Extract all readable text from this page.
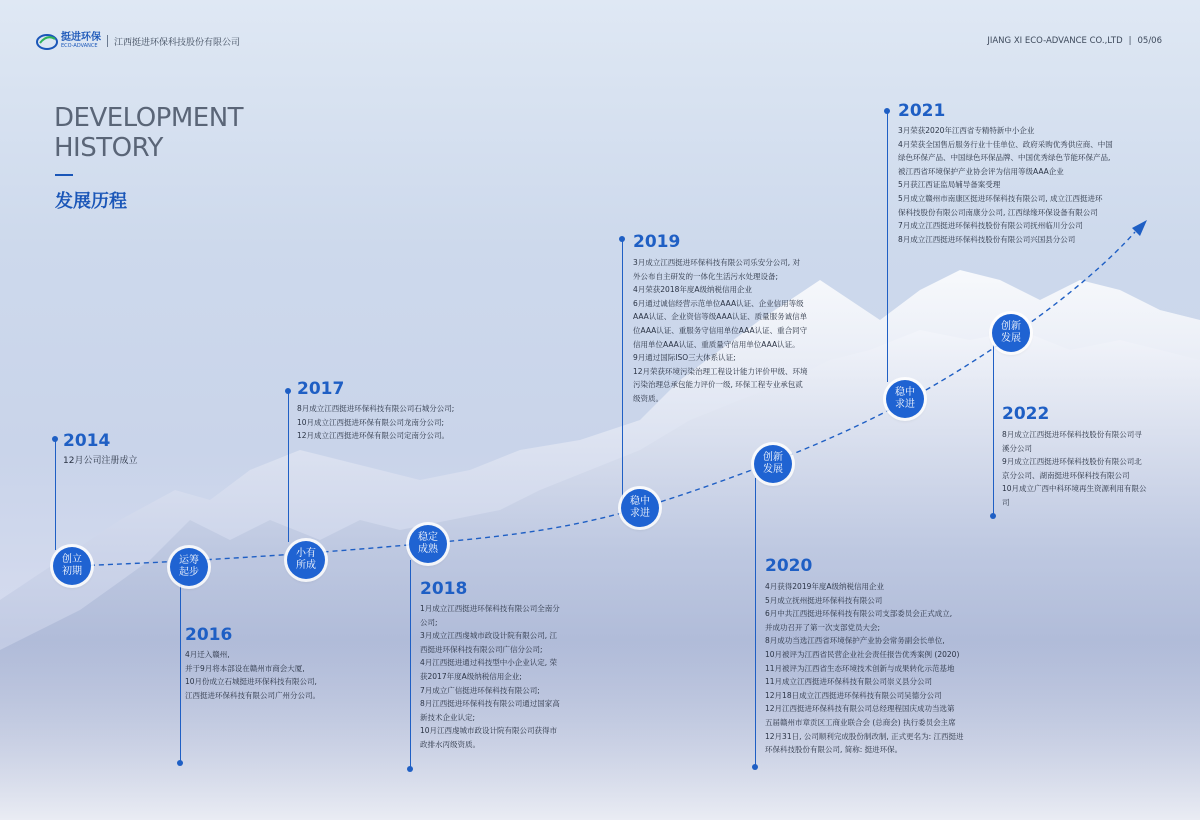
挺进环保
ECO-ADVANCE	江西挺进环保科技股份有限公司	JIANG XI ECO-ADVANCE CO.,LTD | 05/06
DEVELOPMENT
HISTORY
发展历程
创立初期
运筹起步
小有所成
稳定成熟
稳中求进
创新发展
稳中求进
创新发展
2014
12月公司注册成立
2016
4月迁入赣州,
并于9月将本部设在赣州市商会大厦,
10月份成立石城挺进环保科技有限公司,
江西挺进环保科技有限公司广州分公司。
2017
8月成立江西挺进环保科技有限公司石城分公司;
10月成立江西挺进环保有限公司龙南分公司;
12月成立江西挺进环保有限公司定南分公司。
2018
1月成立江西挺进环保科技有限公司全南分
公司;
3月成立江西虔城市政设计院有限公司, 江
西挺进环保科技有限公司广信分公司;
4月江西挺进通过科技型中小企业认定, 荣
获2017年度A级纳税信用企业;
7月成立广信挺进环保科技有限公司;
8月江西挺进环保科技有限公司通过国家高
新技术企业认定;
10月江西虔城市政设计院有限公司获得市
政排水丙级资质。
2019
3月成立江西挺进环保科技有限公司乐安分公司, 对
外公布自主研发的一体化生活污水处理设备;
4月荣获2018年度A级纳税信用企业
6月通过诚信经营示范单位AAA认证、企业信用等级
AAA认证、企业资信等级AAA认证、质量服务诚信单
位AAA认证、重服务守信用单位AAA认证、重合同守
信用单位AAA认证、重质量守信用单位AAA认证。
9月通过国际ISO三大体系认证;
12月荣获环境污染治理工程设计能力评价甲级、环境
污染治理总承包能力评价一级, 环保工程专业承包贰
级资质。
2020
4月获得2019年度A级纳税信用企业
5月成立抚州挺进环保科技有限公司
6月中共江西挺进环保科技有限公司支部委员会正式成立,
并成功召开了第一次支部党员大会;
8月成功当选江西省环境保护产业协会常务副会长单位,
10月被评为江西省民营企业社会责任报告优秀案例 (2020)
11月被评为江西省生态环境技术创新与成果转化示范基地
11月成立江西挺进环保科技有限公司崇义县分公司
12月18日成立江西挺进环保科技有限公司吴德分公司
12月江西挺进环保科技有限公司总经理程国庆成功当选第
五届赣州市章贡区工商业联合会 (总商会) 执行委员会主席
12月31日, 公司顺利完成股份制改制, 正式更名为: 江西挺进
环保科技股份有限公司, 简称: 挺进环保。
2021
3月荣获2020年江西省专精特新中小企业
4月荣获全国售后服务行业十佳单位、政府采购优秀供应商、中国
绿色环保产品、中国绿色环保品牌、中国优秀绿色节能环保产品,
被江西省环境保护产业协会评为信用等级AAA企业
5月获江西证监局辅导备案受理
5月成立赣州市南康区挺进环保科技有限公司, 成立江西挺进环
保科技股份有限公司南康分公司, 江西绿缘环保设备有限公司
7月成立江西挺进环保科技股份有限公司抚州临川分公司
8月成立江西挺进环保科技股份有限公司兴国县分公司
2022
8月成立江西挺进环保科技股份有限公司寻
溪分公司
9月成立江西挺进环保科技股份有限公司北
京分公司、湖南挺进环保科技有限公司
10月成立广西中科环境再生资源利用有限公
司
